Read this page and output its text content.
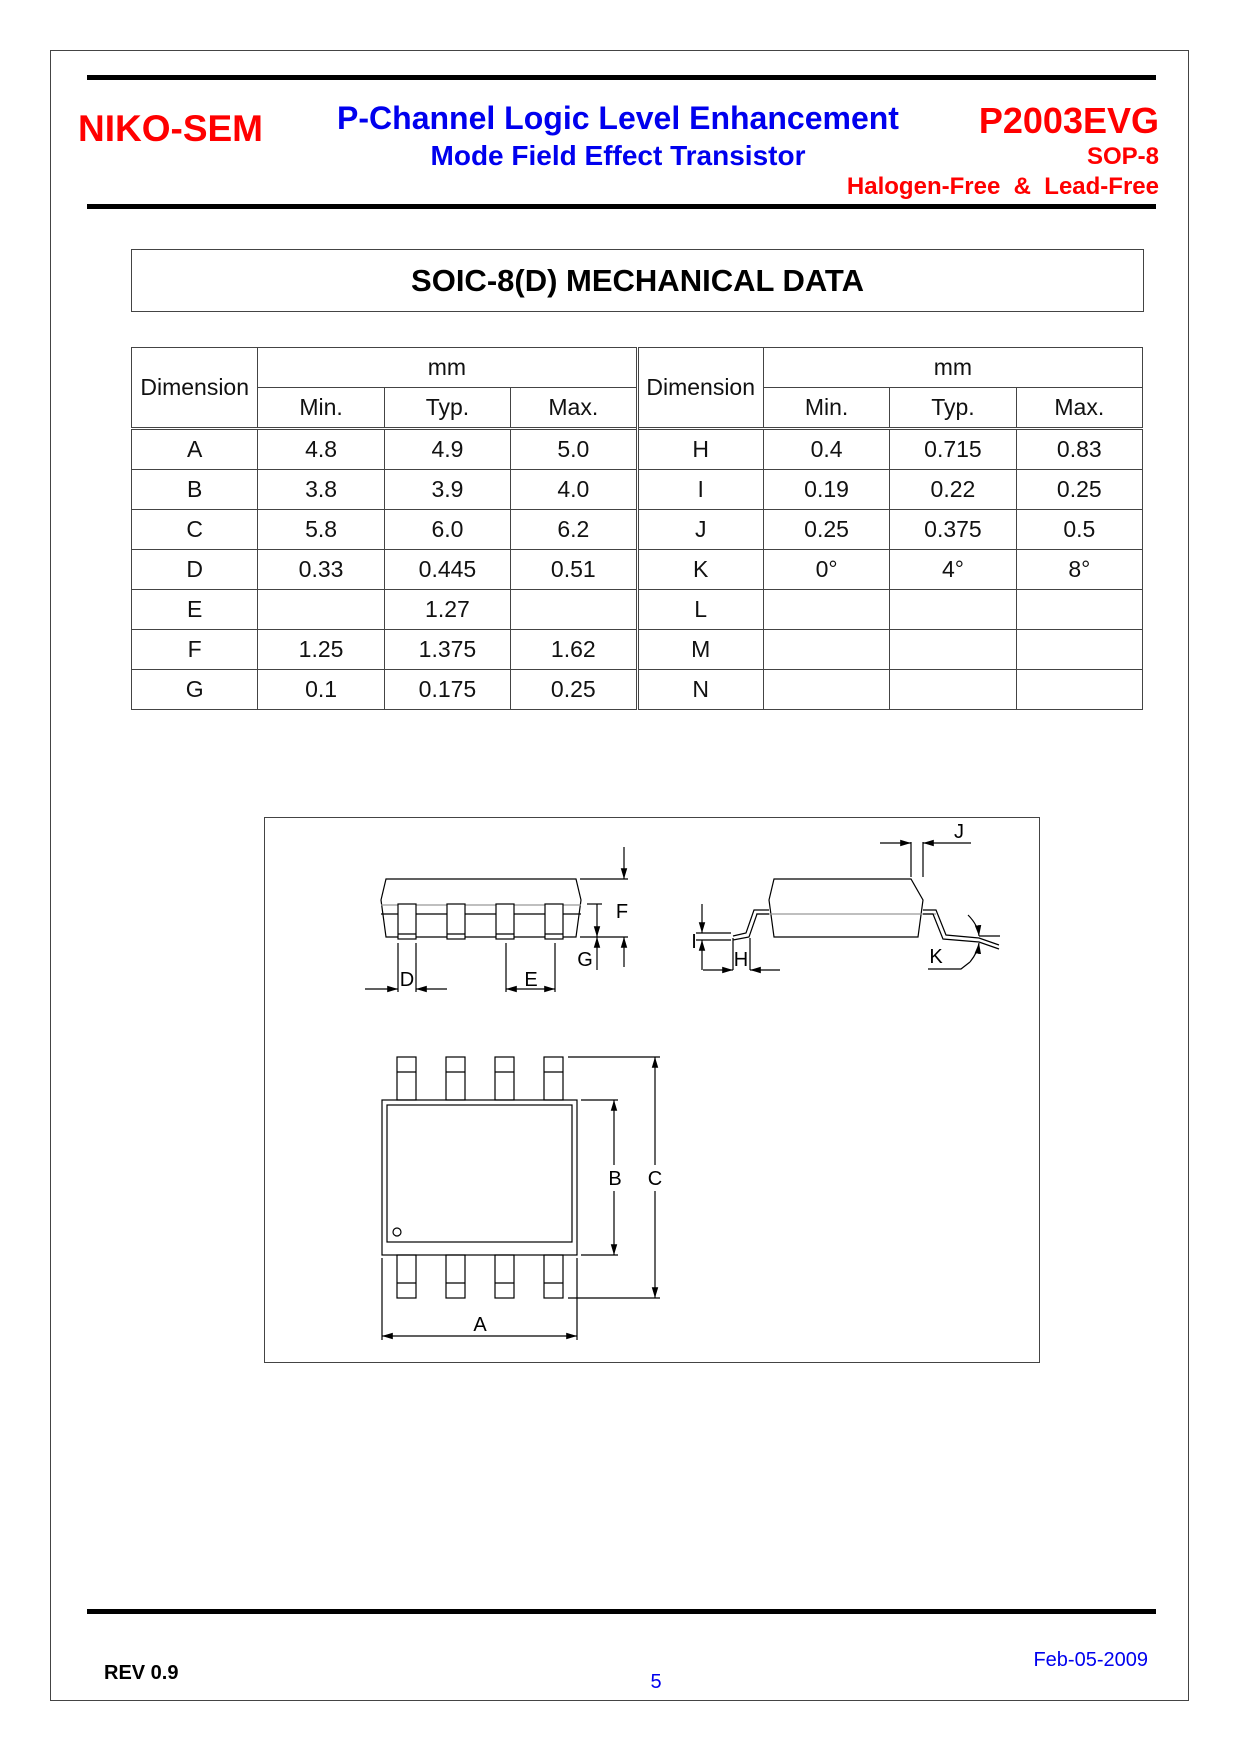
NIKO-SEM	P-Channel Logic Level Enhancement
Mode Field Effect Transistor
P2003EVG
SOP-8
Halogen-Free  &  Lead-Free
SOIC-8(D) MECHANICAL DATA
Dimension	mm			Dimension	mm		
	Min.	Typ.	Max.		Min.	Typ.	Max.
A	4.8	4.9	5.0	H	0.4	0.715	0.83
B	3.8	3.9	4.0	I	0.19	0.22	0.25
C	5.8	6.0	6.2	J	0.25	0.375	0.5
D	0.33	0.445	0.51	K	0°	4°	8°
E		1.27		L			
F	1.25	1.375	1.62	M			
G	0.1	0.175	0.25	N			
D	E
F
G	H
I
J
K
B C
A
REV 0.9	5
Feb-05-2009
